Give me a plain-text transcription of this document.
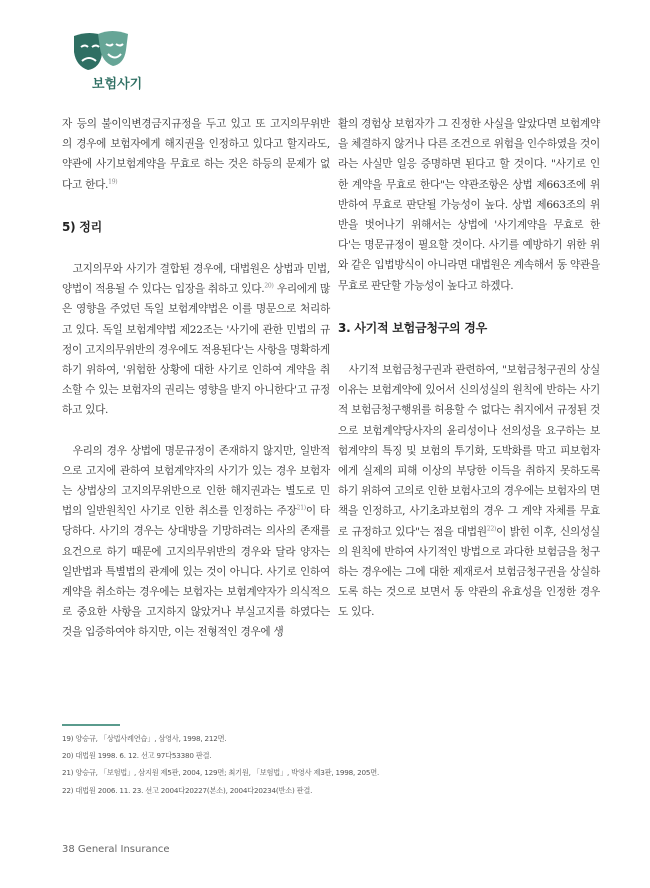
보험사기

자 등의 불이익변경금지규정을 두고 있고 또 고지의무위반의 경우에 보험자에게 해지권을 인정하고 있다고 할지라도, 약관에 사기보험계약을 무효로 하는 것은 하등의 문제가 없다고 한다.$^{19)}$

5) 정리

고지의무와 사기가 결합된 경우에, 대법원은 상법과 민법, 양법이 적용될 수 있다는 입장을 취하고 있다.$^{20)}$ 우리에게 많은 영향을 주었던 독일 보험계약법은 이를 명문으로 처리하고 있다. 독일 보험계약법 제22조는 '사기에 관한 민법의 규정이 고지의무위반의 경우에도 적용된다'는 사항을 명확하게 하기 위하여, '위험한 상황에 대한 사기로 인하여 계약을 취소할 수 있는 보험자의 권리는 영향을 받지 아니한다'고 규정하고 있다.

우리의 경우 상법에 명문규정이 존재하지 않지만, 일반적으로 고지에 관하여 보험계약자의 사기가 있는 경우 보험자는 상법상의 고지의무위반으로 인한 해지권과는 별도로 민법의 일반원칙인 사기로 인한 취소를 인정하는 주장$^{21)}$이 타당하다. 사기의 경우는 상대방을 기망하려는 의사의 존재를 요건으로 하기 때문에 고지의무위반의 경우와 달라 양자는 일반법과 특별법의 관계에 있는 것이 아니다. 사기로 인하여 계약을 취소하는 경우에는 보험자는 보험계약자가 의식적으로 중요한 사항을 고지하지 않았거나 부실고지를 하였다는 것을 입증하여야 하지만, 이는 전형적인 경우에 생

활의 경험상 보험자가 그 진정한 사실을 알았다면 보험계약을 체결하지 않거나 다른 조건으로 위험을 인수하였을 것이라는 사실만 일응 증명하면 된다고 할 것이다. "사기로 인한 계약을 무효로 한다"는 약관조항은 상법 제663조에 위반하여 무효로 판단될 가능성이 높다. 상법 제663조의 위반을 벗어나기 위해서는 상법에 '사기계약을 무효로 한다'는 명문규정이 필요할 것이다. 사기를 예방하기 위한 위와 같은 입법방식이 아니라면 대법원은 계속해서 동 약관을 무효로 판단할 가능성이 높다고 하겠다.

3. 사기적 보험금청구의 경우

사기적 보험금청구권과 관련하여, "보험금청구권의 상실이유는 보험계약에 있어서 신의성실의 원칙에 반하는 사기적 보험금청구행위를 허용할 수 없다는 취지에서 규정된 것으로 보험계약당사자의 윤리성이나 선의성을 요구하는 보험계약의 특징 및 보험의 투기화, 도박화를 막고 피보험자에게 실제의 피해 이상의 부당한 이득을 취하지 못하도록 하기 위하여 고의로 인한 보험사고의 경우에는 보험자의 면책을 인정하고, 사기초과보험의 경우 그 계약 자체를 무효로 규정하고 있다"는 점을 대법원$^{22)}$이 밝힌 이후, 신의성실의 원칙에 반하여 사기적인 방법으로 과다한 보험금을 청구하는 경우에는 그에 대한 제재로서 보험금청구권을 상실하도록 하는 것으로 보면서 동 약관의 유효성을 인정한 경우도 있다.

19) 양승규, 「상법사례연습」, 삼영사, 1998, 212면.
20) 대법원 1998. 6. 12. 선고 97다53380 판결.
21) 양승규, 「보험법」, 삼지원 제5판, 2004, 129면; 최기원, 「보험법」, 박영사 제3판, 1998, 205면.
22) 대법원 2006. 11. 23. 선고 2004다20227(본소), 2004다20234(반소) 판결.
38 General Insurance
